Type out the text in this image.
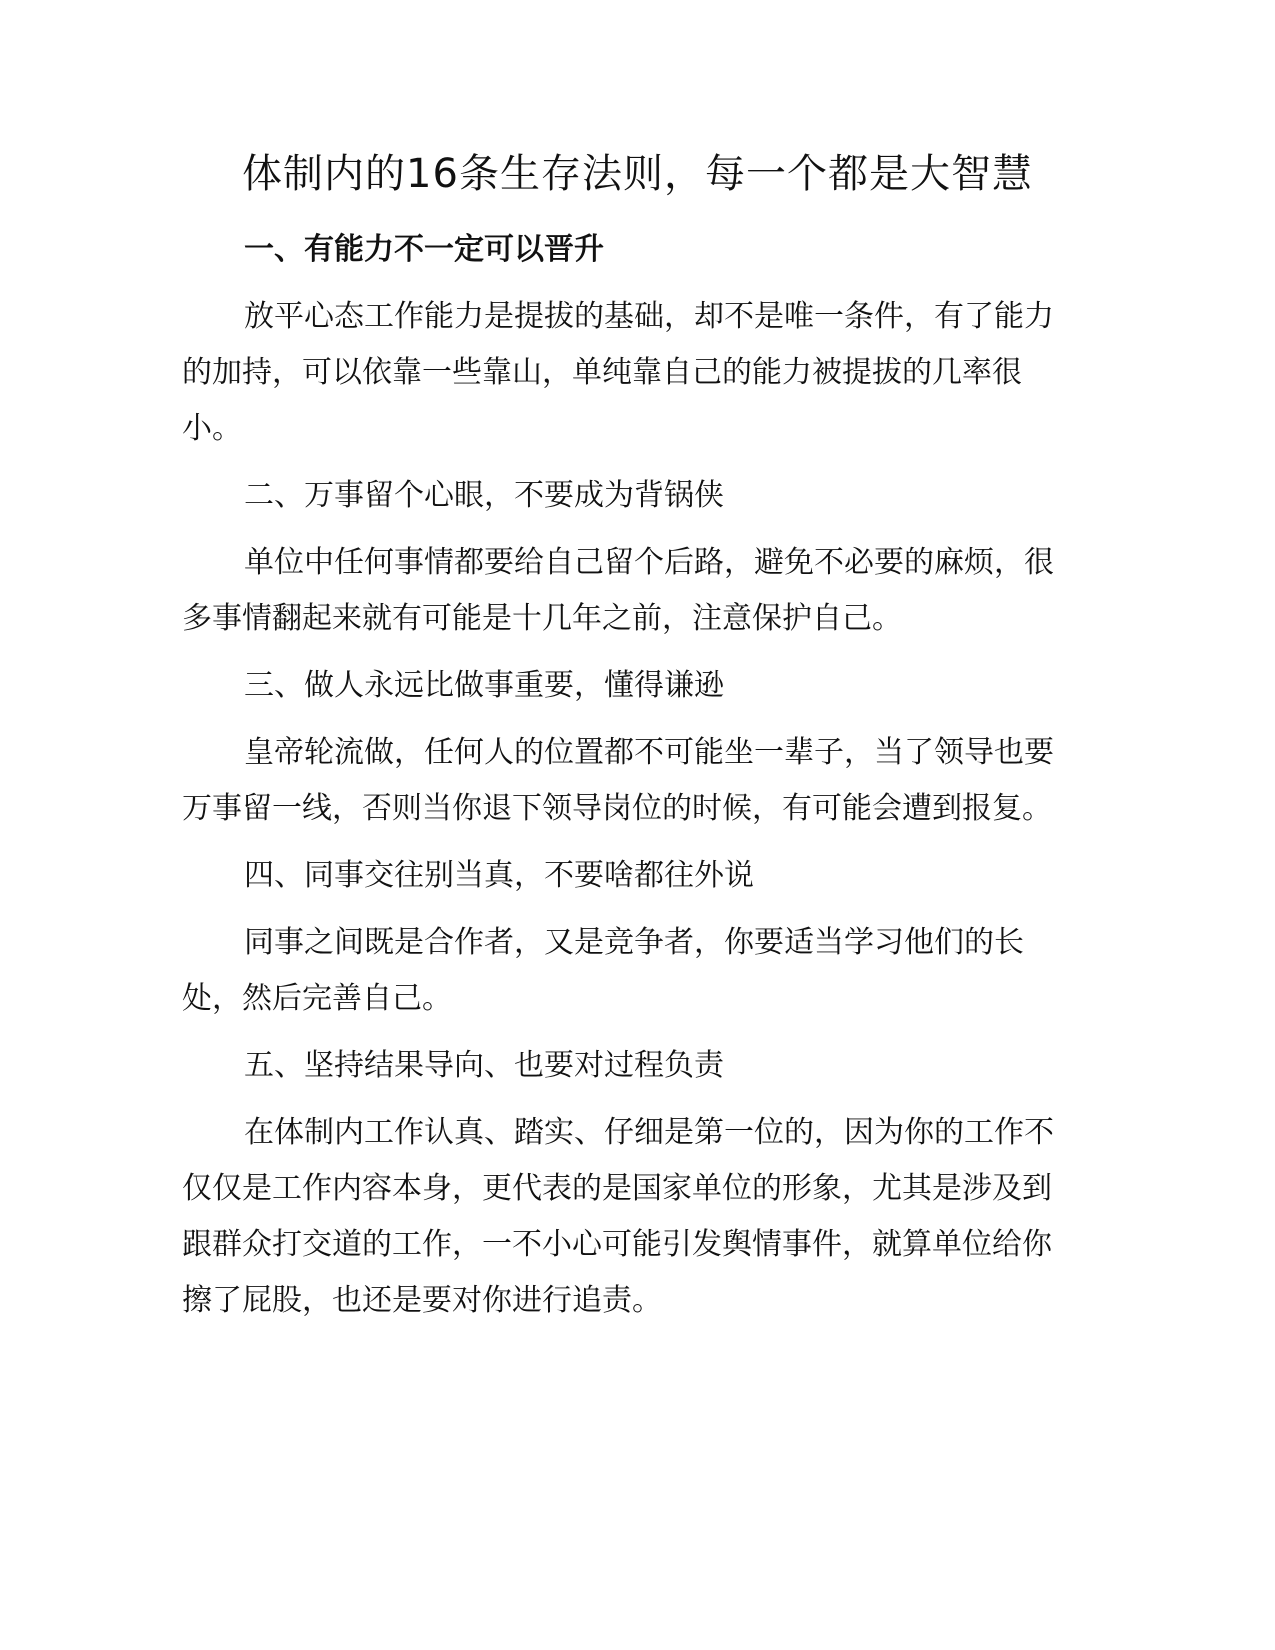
体制内的16条生存法则，每一个都是大智慧

一、有能力不一定可以晋升

放平心态工作能力是提拔的基础，却不是唯一条件，有了能力的加持，可以依靠一些靠山，单纯靠自己的能力被提拔的几率很小。

二、万事留个心眼，不要成为背锅侠

单位中任何事情都要给自己留个后路，避免不必要的麻烦，很多事情翻起来就有可能是十几年之前，注意保护自己。

三、做人永远比做事重要，懂得谦逊

皇帝轮流做，任何人的位置都不可能坐一辈子，当了领导也要万事留一线，否则当你退下领导岗位的时候，有可能会遭到报复。

四、同事交往别当真，不要啥都往外说

同事之间既是合作者，又是竞争者，你要适当学习他们的长处，然后完善自己。

五、坚持结果导向、也要对过程负责

在体制内工作认真、踏实、仔细是第一位的，因为你的工作不仅仅是工作内容本身，更代表的是国家单位的形象，尤其是涉及到跟群众打交道的工作，一不小心可能引发舆情事件，就算单位给你擦了屁股，也还是要对你进行追责。
